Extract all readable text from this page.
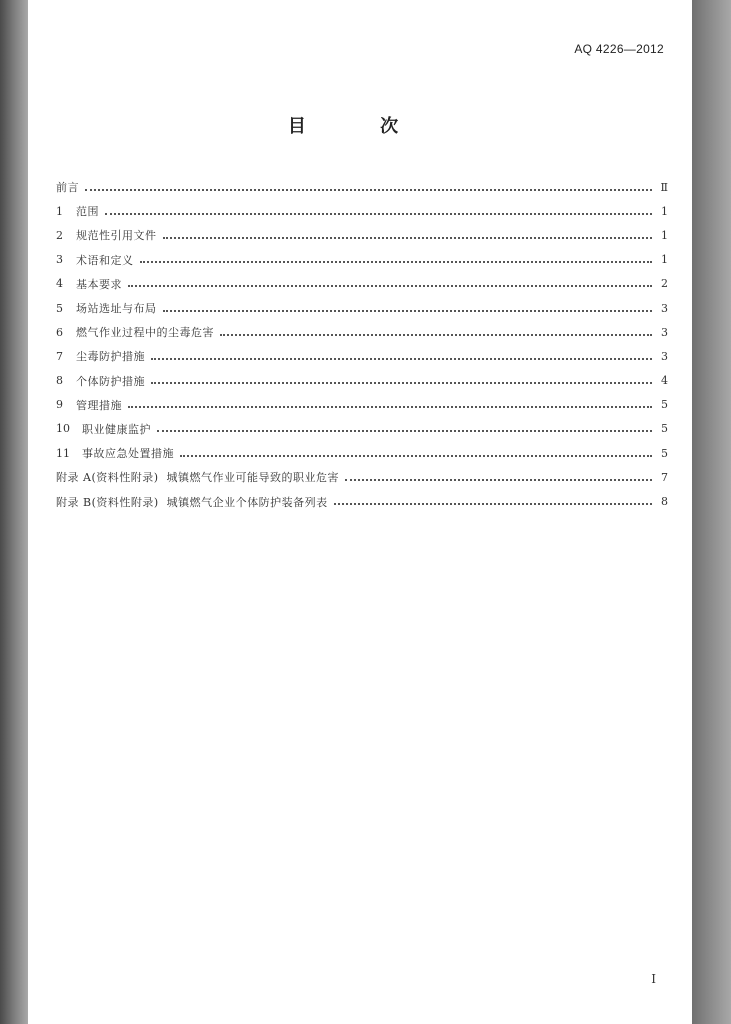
AQ 4226—2012
目 次
前言	Ⅱ
1	范围	1
2	规范性引用文件	1
3	术语和定义	1
4	基本要求	2
5	场站选址与布局	3
6	燃气作业过程中的尘毒危害	3
7	尘毒防护措施	3
8	个体防护措施	4
9	管理措施	5
10	职业健康监护	5
11	事故应急处置措施	5
附录 A(资料性附录)  城镇燃气作业可能导致的职业危害	7
附录 B(资料性附录)  城镇燃气企业个体防护装备列表	8
Ⅰ
